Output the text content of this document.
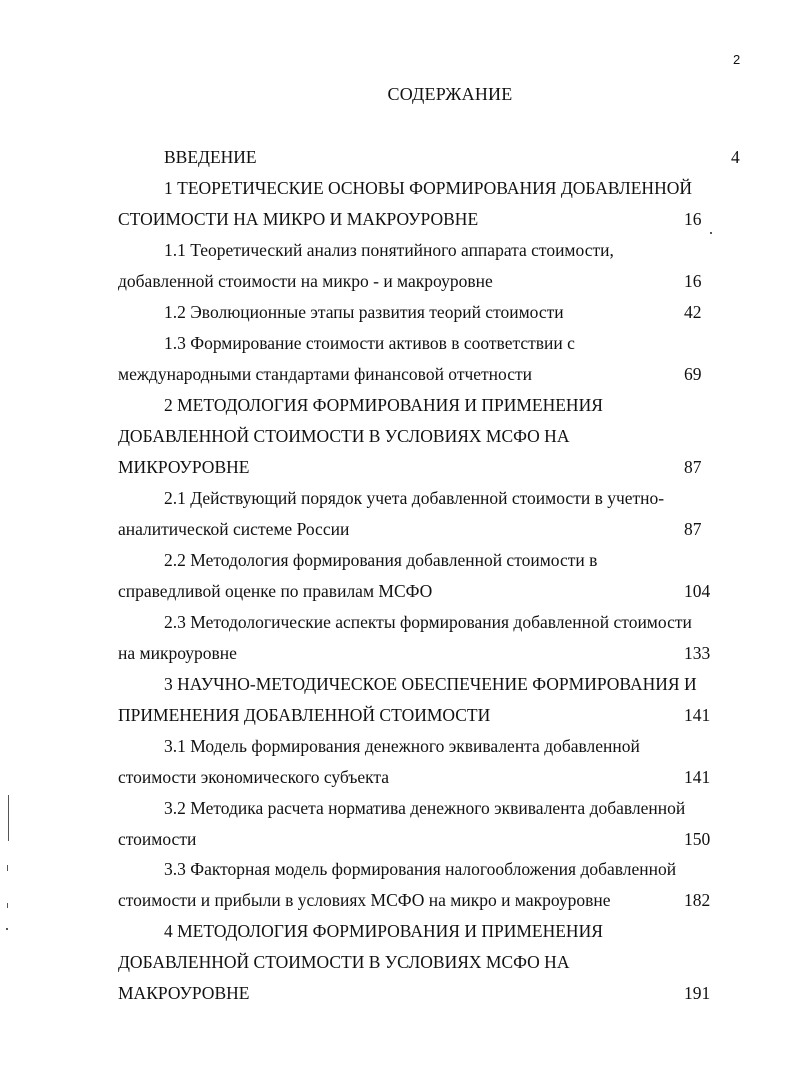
2
СОДЕРЖАНИЕ
ВВЕДЕНИЕ	4
1 ТЕОРЕТИЧЕСКИЕ ОСНОВЫ ФОРМИРОВАНИЯ ДОБАВЛЕННОЙ
СТОИМОСТИ НА МИКРО И МАКРОУРОВНЕ	16
1.1 Теоретический анализ понятийного аппарата стоимости,
добавленной стоимости на микро - и макроуровне	16
1.2 Эволюционные этапы развития теорий стоимости	42
1.3 Формирование стоимости активов в соответствии с
международными стандартами финансовой отчетности	69
2 МЕТОДОЛОГИЯ ФОРМИРОВАНИЯ И ПРИМЕНЕНИЯ
ДОБАВЛЕННОЙ СТОИМОСТИ В УСЛОВИЯХ МСФО НА
МИКРОУРОВНЕ	87
2.1 Действующий порядок учета добавленной стоимости в учетно-
аналитической системе России	87
2.2 Методология формирования добавленной стоимости в
справедливой оценке по правилам МСФО	104
2.3 Методологические аспекты формирования добавленной стоимости
на микроуровне	133
3 НАУЧНО-МЕТОДИЧЕСКОЕ ОБЕСПЕЧЕНИЕ ФОРМИРОВАНИЯ И
ПРИМЕНЕНИЯ ДОБАВЛЕННОЙ СТОИМОСТИ	141
3.1 Модель формирования денежного эквивалента добавленной
стоимости экономического субъекта	141
3.2 Методика расчета норматива денежного эквивалента добавленной
стоимости	150
3.3 Факторная модель формирования налогообложения добавленной
стоимости и прибыли в условиях МСФО на микро и макроуровне	182
4 МЕТОДОЛОГИЯ ФОРМИРОВАНИЯ И ПРИМЕНЕНИЯ
ДОБАВЛЕННОЙ СТОИМОСТИ В УСЛОВИЯХ МСФО НА
МАКРОУРОВНЕ	191
